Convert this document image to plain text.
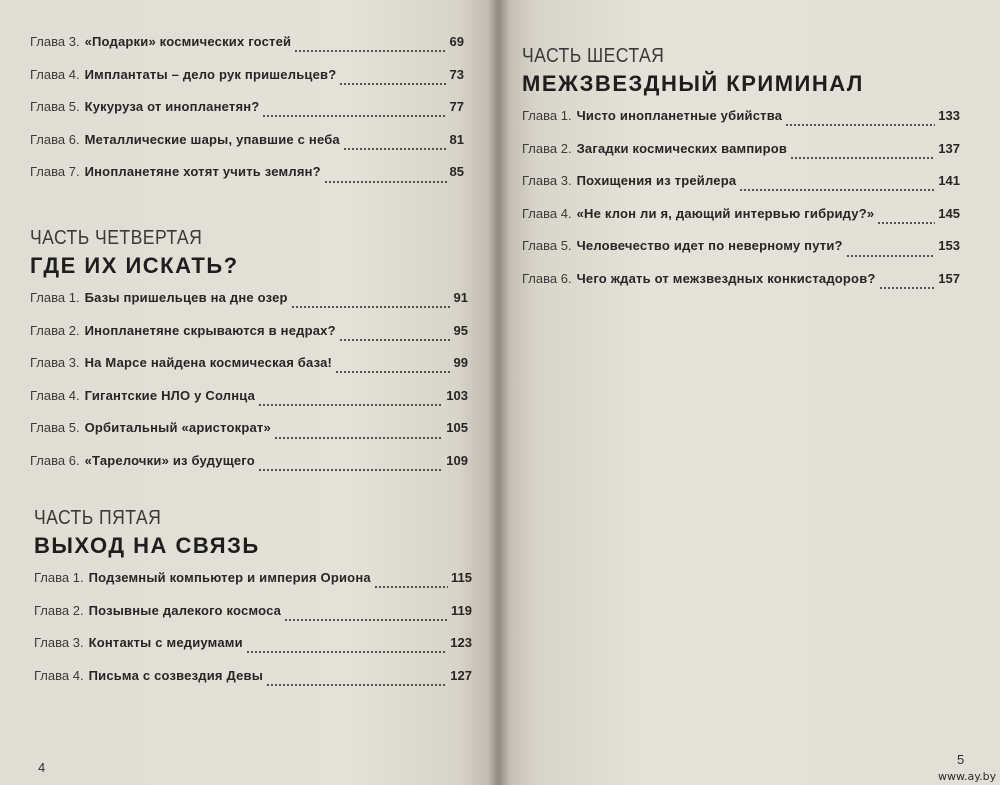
Глава 3. «Подарки» космических гостей	69
Глава 4. Имплантаты – дело рук пришельцев?	73
Глава 5. Кукуруза от инопланетян?	77
Глава 6. Металлические шары, упавшие с неба	81
Глава 7. Инопланетяне хотят учить землян?	85
ЧАСТЬ ЧЕТВЕРТАЯ
ГДЕ ИХ ИСКАТЬ?
Глава 1. Базы пришельцев на дне озер	91
Глава 2. Инопланетяне скрываются в недрах?	95
Глава 3. На Марсе найдена космическая база!	99
Глава 4. Гигантские НЛО у Солнца	103
Глава 5. Орбитальный «аристократ»	105
Глава 6. «Тарелочки» из будущего	109
ЧАСТЬ ПЯТАЯ
ВЫХОД НА СВЯЗЬ
Глава 1. Подземный компьютер и империя Ориона	115
Глава 2. Позывные далекого космоса	119
Глава 3. Контакты с медиумами	123
Глава 4. Письма с созвездия Девы	127
4
ЧАСТЬ ШЕСТАЯ
МЕЖЗВЕЗДНЫЙ КРИМИНАЛ
Глава 1. Чисто инопланетные убийства	133
Глава 2. Загадки космических вампиров	137
Глава 3. Похищения из трейлера	141
Глава 4. «Не клон ли я, дающий интервью гибриду?»	145
Глава 5. Человечество идет по неверному пути?	153
Глава 6. Чего ждать от межзвездных конкистадоров?	157
5
www.ay.by
